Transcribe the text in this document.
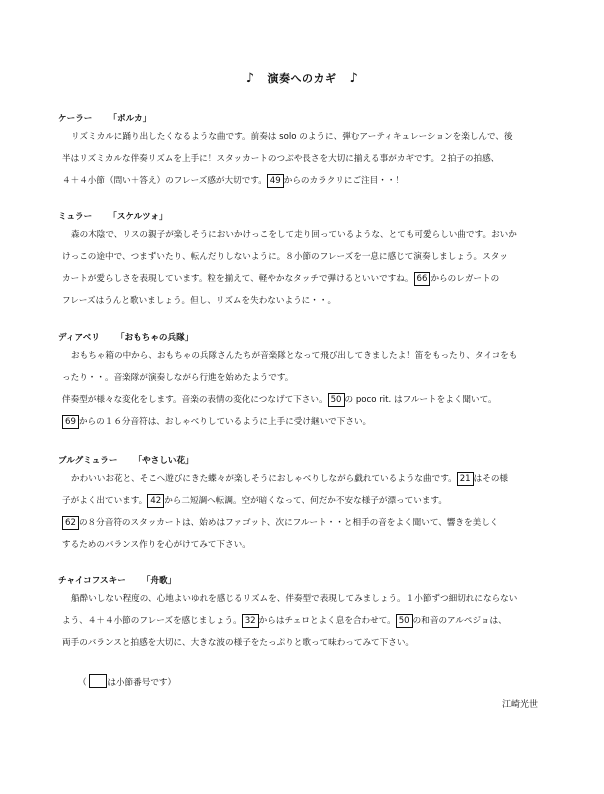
♪ 演奏へのカギ ♪
ケーラー 「ポルカ」
リズミカルに踊り出したくなるような曲です。前奏は solo のように、弾むアーティキュレーションを楽しんで、後
半はリズミカルな伴奏リズムを上手に！スタッカートのつぶや長さを大切に揃える事がカギです。２拍子の拍感、
４＋４小節（問い＋答え）のフレーズ感が大切です。 49 からのカラクリにご注目・・！
ミュラー 「スケルツォ」
森の木陰で、リスの親子が楽しそうにおいかけっこをして走り回っているような、とても可愛らしい曲です。おいか
けっこの途中で、つまずいたり、転んだりしないように。８小節のフレーズを一息に感じて演奏しましょう。スタッ
カートが愛らしさを表現しています。粒を揃えて、軽やかなタッチで弾けるといいですね。 66 からのレガートの
フレーズはうんと歌いましょう。但し、リズムを失わないように・・。
ディアベリ 「おもちゃの兵隊」
おもちゃ箱の中から、おもちゃの兵隊さんたちが音楽隊となって飛び出してきましたよ！笛をもったり、タイコをも
ったり・・。音楽隊が演奏しながら行進を始めたようです。
伴奏型が様々な変化をします。音楽の表情の変化につなげて下さい。 50 の poco rit. はフルートをよく聞いて。
69 からの１６分音符は、おしゃべりしているように上手に受け継いで下さい。
ブルグミュラー 「やさしい花」
かわいいお花と、そこへ遊びにきた蝶々が楽しそうにおしゃべりしながら戯れているような曲です。 21 はその様
子がよく出ています。 42 から二短調へ転調。空が暗くなって、何だか不安な様子が漂っています。
62 の８分音符のスタッカートは、始めはファゴット、次にフルート・・と相手の音をよく聞いて、響きを美しく
するためのバランス作りを心がけてみて下さい。
チャイコフスキー 「舟歌」
船酔いしない程度の、心地よいゆれを感じるリズムを、伴奏型で表現してみましょう。１小節ずつ細切れにならない
よう、４＋４小節のフレーズを感じましょう。 32 からはチェロとよく息を合わせて。 50 の和音のアルペジョは、
両手のバランスと拍感を大切に、大きな波の様子をたっぷりと歌って味わってみて下さい。
（ は小節番号です）
江崎光世
